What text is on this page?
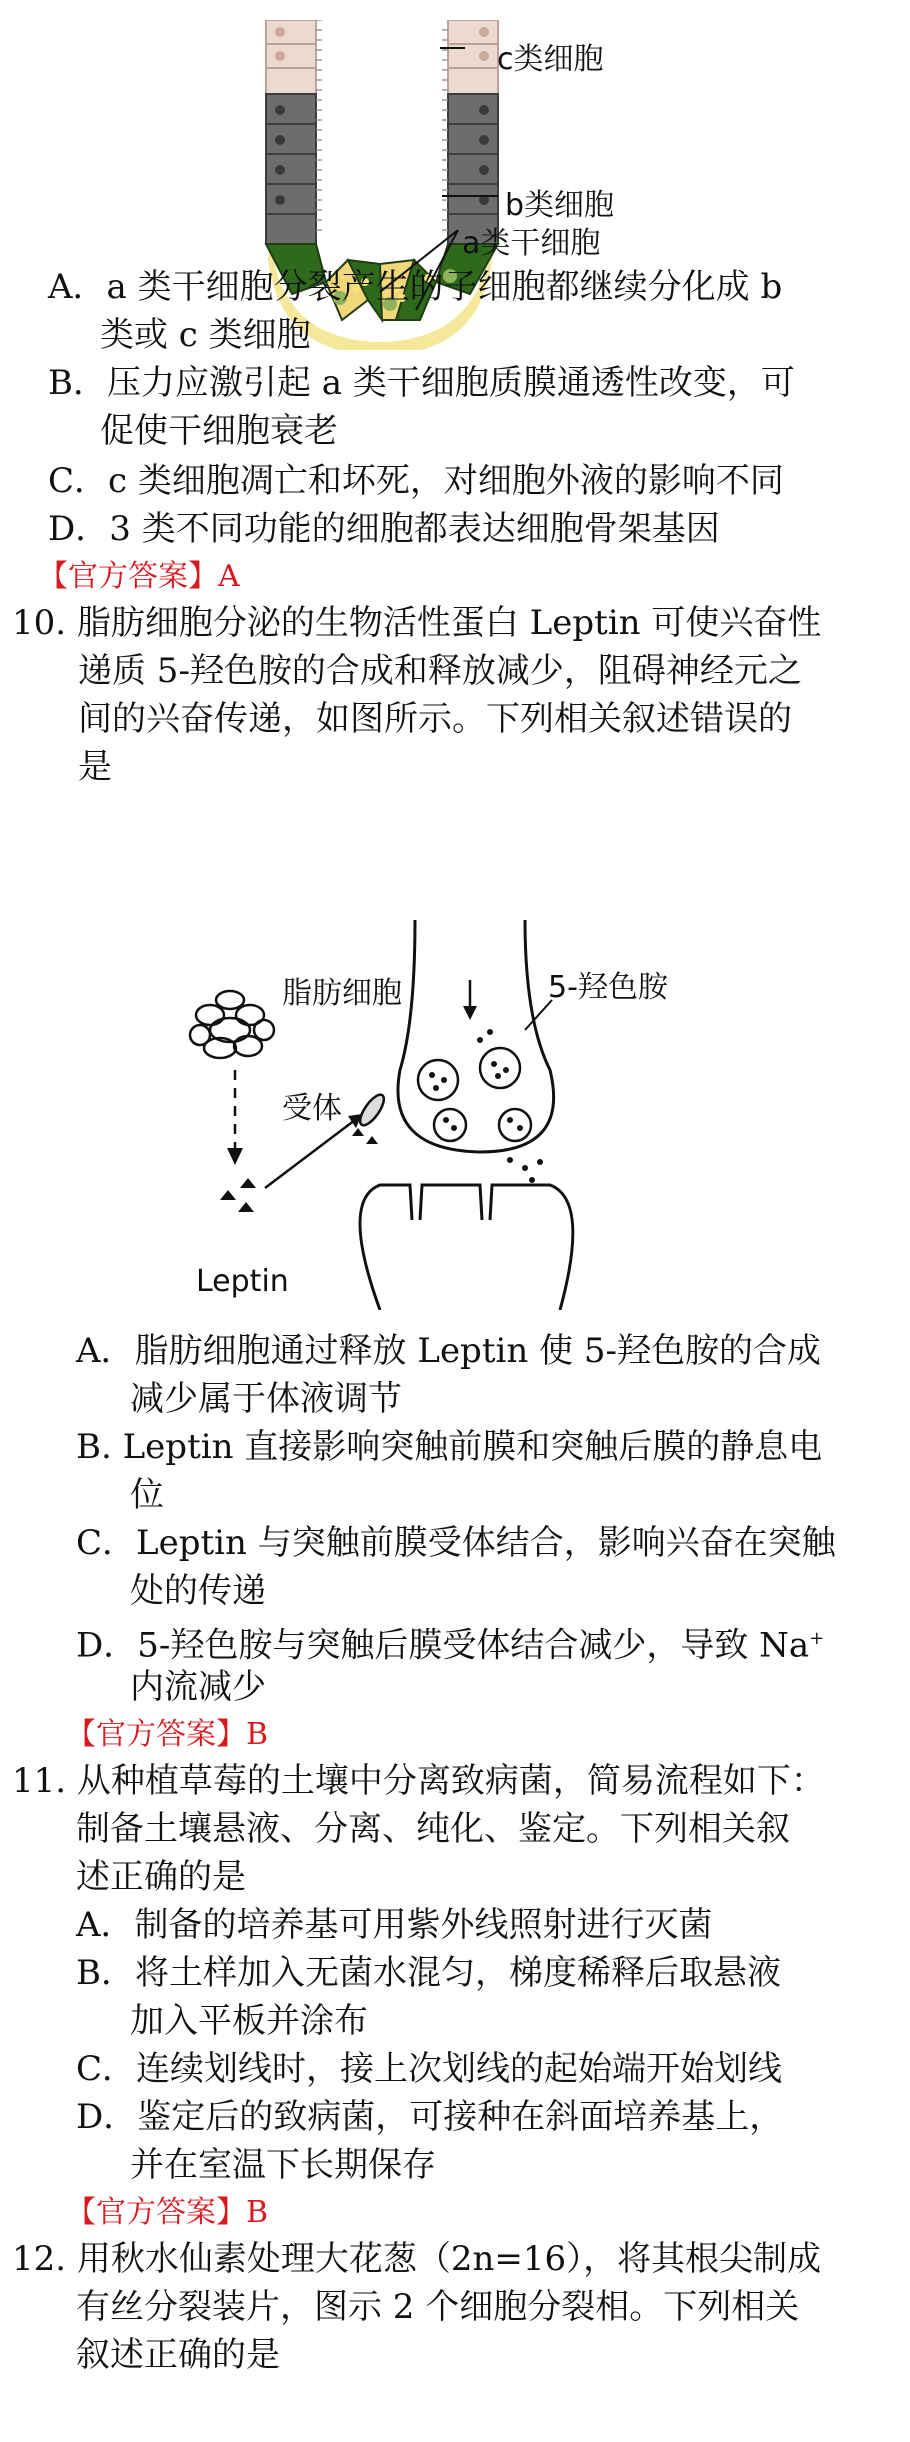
c类细胞
b类细胞
a类干细胞
A．a 类干细胞分裂产生的子细胞都继续分化成 b
类或 c 类细胞
B．压力应激引起 a 类干细胞质膜通透性改变，可
促使干细胞衰老
C．c 类细胞凋亡和坏死，对细胞外液的影响不同
D．3 类不同功能的细胞都表达细胞骨架基因
【官方答案】A
10. 脂肪细胞分泌的生物活性蛋白 Leptin 可使兴奋性
递质 5-羟色胺的合成和释放减少，阻碍神经元之
间的兴奋传递，如图所示。下列相关叙述错误的
是
脂肪细胞	5-羟色胺
受体
Leptin
A．脂肪细胞通过释放 Leptin 使 5-羟色胺的合成
减少属于体液调节
B. Leptin 直接影响突触前膜和突触后膜的静息电
位
C．Leptin 与突触前膜受体结合，影响兴奋在突触
处的传递
D．5-羟色胺与突触后膜受体结合减少，导致 Na+
内流减少
【官方答案】B
11. 从种植草莓的土壤中分离致病菌，简易流程如下：
制备土壤悬液、分离、纯化、鉴定。下列相关叙
述正确的是
A．制备的培养基可用紫外线照射进行灭菌
B．将土样加入无菌水混匀，梯度稀释后取悬液
加入平板并涂布
C．连续划线时，接上次划线的起始端开始划线
D．鉴定后的致病菌，可接种在斜面培养基上，
并在室温下长期保存
【官方答案】B
12. 用秋水仙素处理大花葱（2n=16），将其根尖制成
有丝分裂装片，图示 2 个细胞分裂相。下列相关
叙述正确的是
